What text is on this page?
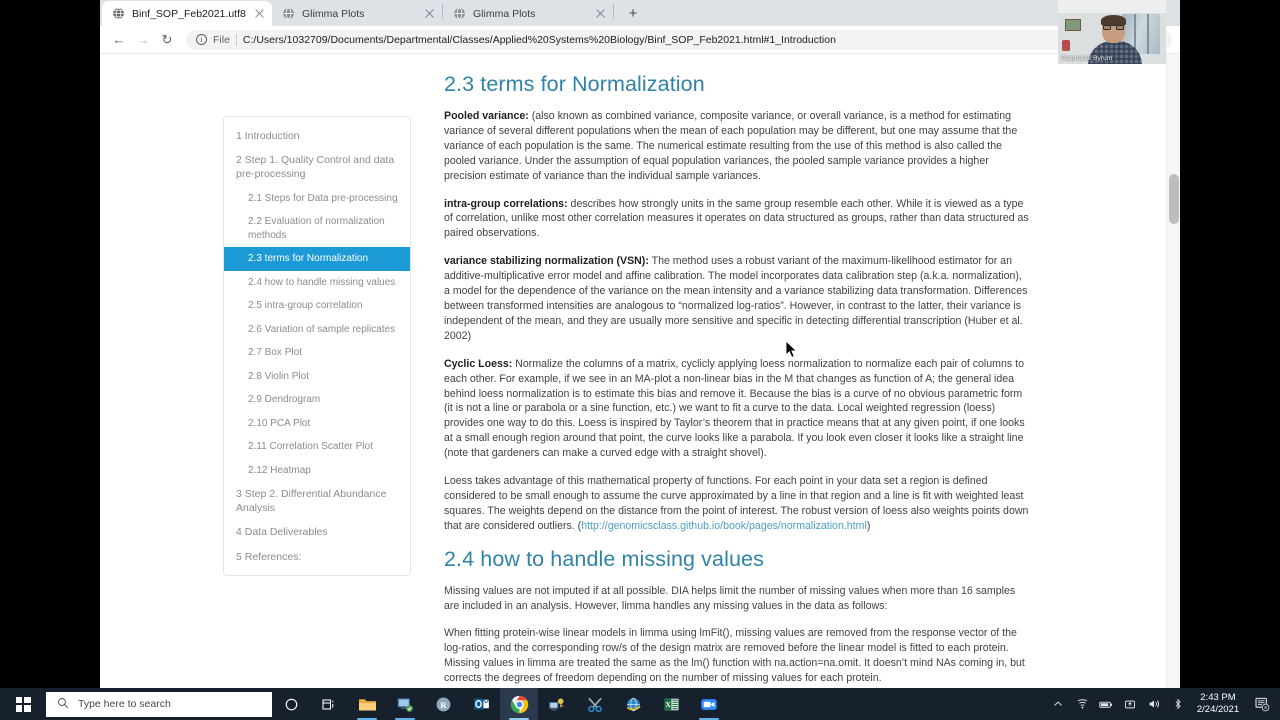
Binf_SOP_Feb2021.utf8	Glimma Plots	Glimma Plots	+
← → ↻	i File C:/Users/1032709/Documents/Departmental/Classes/Applied%20Systems%20Biology/Binf_SOP_Feb2021.html#1_Introduction
1 Introduction
2 Step 1. Quality Control and data pre-processing
2.1 Steps for Data pre-processing
2.2 Evaluation of normalization methods
2.3 terms for Normalization
2.4 how to handle missing values
2.5 intra-group correlation
2.6 Variation of sample replicates
2.7 Box Plot
2.8 Violin Plot
2.9 Dendrogram
2.10 PCA Plot
2.11 Correlation Scatter Plot
2.12 Heatmap
3 Step 2. Differential Abundance Analysis
4 Data Deliverables
5 References:
2.3 terms for Normalization

Pooled variance: (also known as combined variance, composite variance, or overall variance, is a method for estimating variance of several different populations when the mean of each population may be different, but one may assume that the variance of each population is the same. The numerical estimate resulting from the use of this method is also called the pooled variance. Under the assumption of equal population variances, the pooled sample variance provides a higher precision estimate of variance than the individual sample variances.

intra-group correlations: describes how strongly units in the same group resemble each other. While it is viewed as a type of correlation, unlike most other correlation measures it operates on data structured as groups, rather than data structured as paired observations.

variance stabilizing normalization (VSN): The method uses a robust variant of the maximum-likelihood estimator for an additive-multiplicative error model and affine calibration. The model incorporates data calibration step (a.k.a. normalization), a model for the dependence of the variance on the mean intensity and a variance stabilizing data transformation. Differences between transformed intensities are analogous to “normalized log-ratios”. However, in contrast to the latter, their variance is independent of the mean, and they are usually more sensitive and specific in detecting differential transcription (Huber et al. 2002)

Cyclic Loess: Normalize the columns of a matrix, cyclicly applying loess normalization to normalize each pair of columns to each other. For example, if we see in an MA-plot a non-linear bias in the M that changes as function of A; the general idea behind loess normalization is to estimate this bias and remove it. Because the bias is a curve of no obvious parametric form (it is not a line or parabola or a sine function, etc.) we want to fit a curve to the data. Local weighted regression (loess) provides one way to do this. Loess is inspired by Taylor’s theorem that in practice means that at any given point, if one looks at a small enough region around that point, the curve looks like a parabola. If you look even closer it looks like a straight line (note that gardeners can make a curved edge with a straight shovel).

Loess takes advantage of this mathematical property of functions. For each point in your data set a region is defined considered to be small enough to assume the curve approximated by a line in that region and a line is fit with weighted least squares. The weights depend on the distance from the point of interest. The robust version of loess also weights points down that are considered outliers. (http://genomicsclass.github.io/book/pages/normalization.html)

2.4 how to handle missing values

Missing values are not imputed if at all possible. DIA helps limit the number of missing values when more than 16 samples are included in an analysis. However, limma handles any missing values in the data as follows:

When fitting protein-wise linear models in limma using lmFit(), missing values are removed from the response vector of the log-ratios, and the corresponding row/s of the design matrix are removed before the linear model is fitted to each protein. Missing values in limma are treated the same as the lm() function with na.action=na.omit. It doesn’t mind NAs coming in, but corrects the degrees of freedom depending on the number of missing values for each protein.

Stephanie Byrum
Type here to search	R	X
2:43 PM
2/24/2021	8
